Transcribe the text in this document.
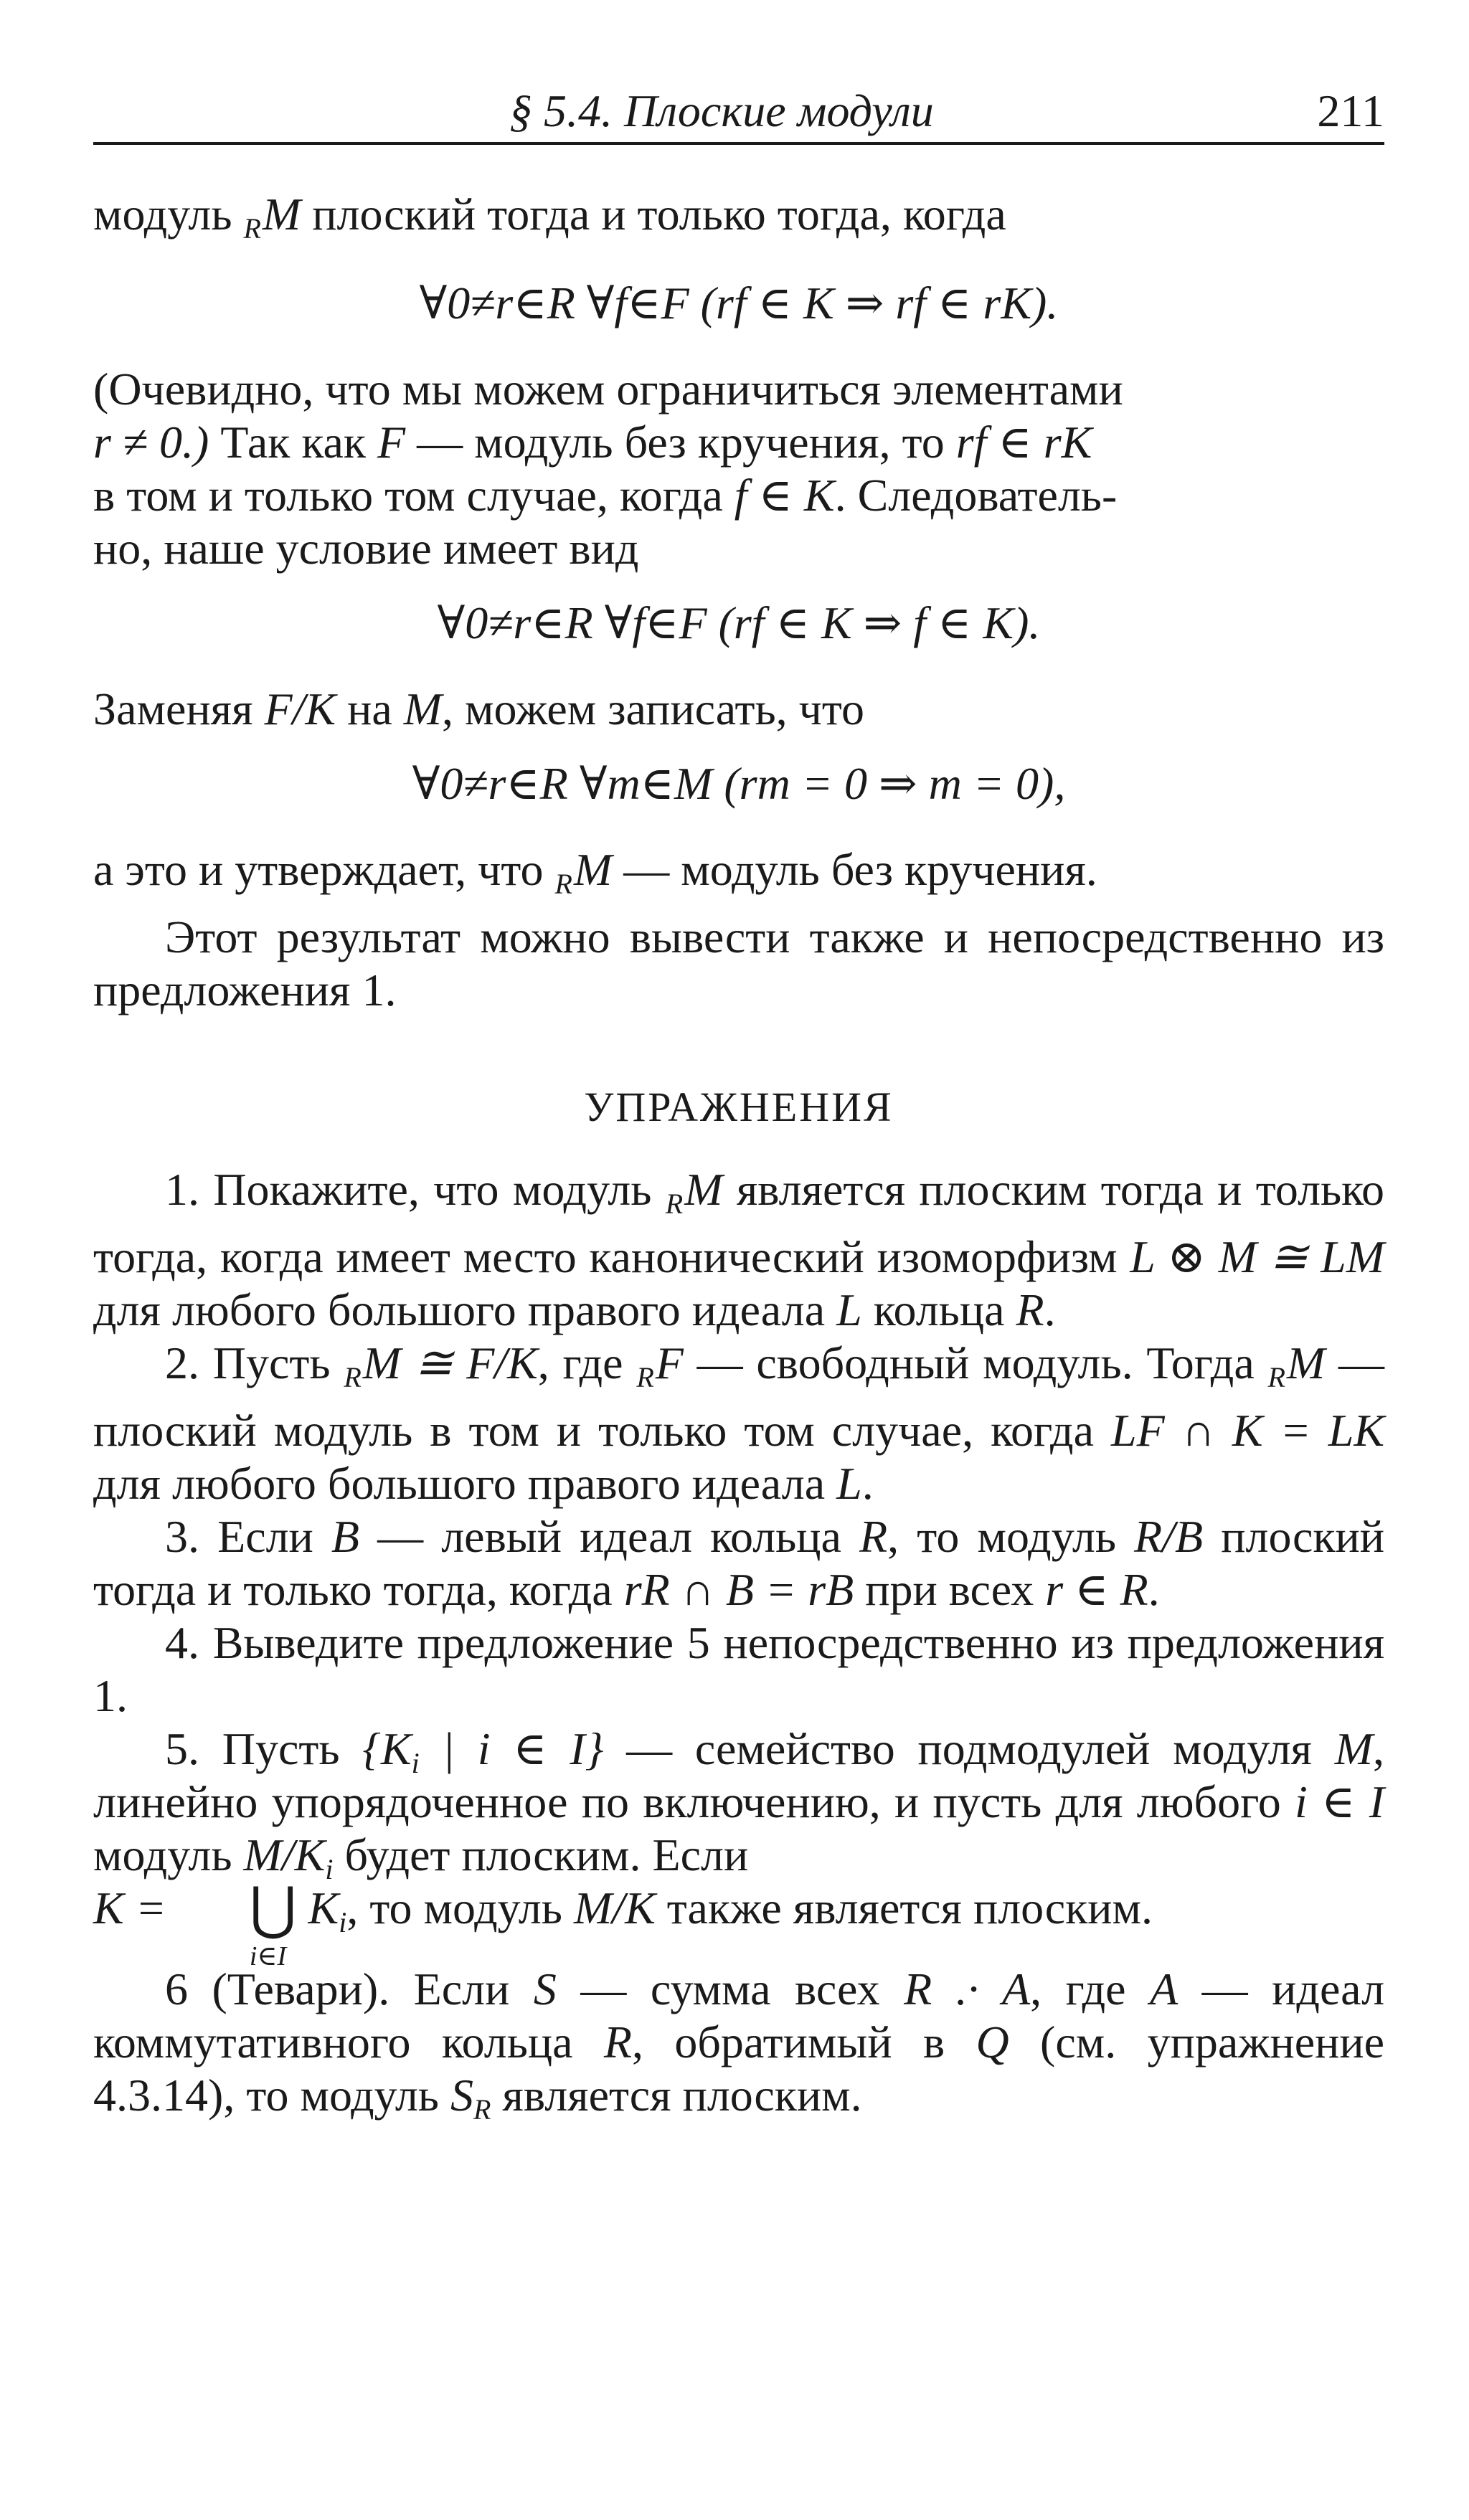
§ 5.4. Плоские модули	211

модуль RM плоский тогда и только тогда, когда

∀0≠r∈R ∀f∈F (rf ∈ K ⇒ rf ∈ rK).

(Очевидно, что мы можем ограничиться элементами
r ≠ 0.) Так как F — модуль без кручения, то rf ∈ rK
в том и только том случае, когда f ∈ K. Следователь-
но, наше условие имеет вид

∀0≠r∈R ∀f∈F (rf ∈ K ⇒ f ∈ K).

Заменяя F/K на M, можем записать, что

∀0≠r∈R ∀m∈M (rm = 0 ⇒ m = 0),

а это и утверждает, что RM — модуль без кручения.

Этот результат можно вывести также и непосредственно из предложения 1.

УПРАЖНЕНИЯ

1. Покажите, что модуль RM является плоским тогда и только тогда, когда имеет место канонический изоморфизм L ⊗ M ≅ LM для любого большого правого идеала L кольца R.

2. Пусть RM ≅ F/K, где RF — свободный модуль. Тогда RM — плоский модуль в том и только том случае, когда LF ∩ K = LK для любого большого правого идеала L.

3. Если B — левый идеал кольца R, то модуль R/B плоский тогда и только тогда, когда rR ∩ B = rB при всех r ∈ R.

4. Выведите предложение 5 непосредственно из предложения 1.

5. Пусть {$K_i$ | i ∈ I} — семейство подмодулей модуля M, линейно упорядоченное по включению, и пусть для любого i ∈ I модуль $M/K_i$ будет плоским. Если
K = ⋃
i∈I
$K_i$, то модуль M/K также является плоским.

6 (Тевари). Если S — сумма всех R .· A, где A — идеал коммутативного кольца R, обратимый в Q (см. упражнение 4.3.14), то модуль $S_R$ является плоским.
